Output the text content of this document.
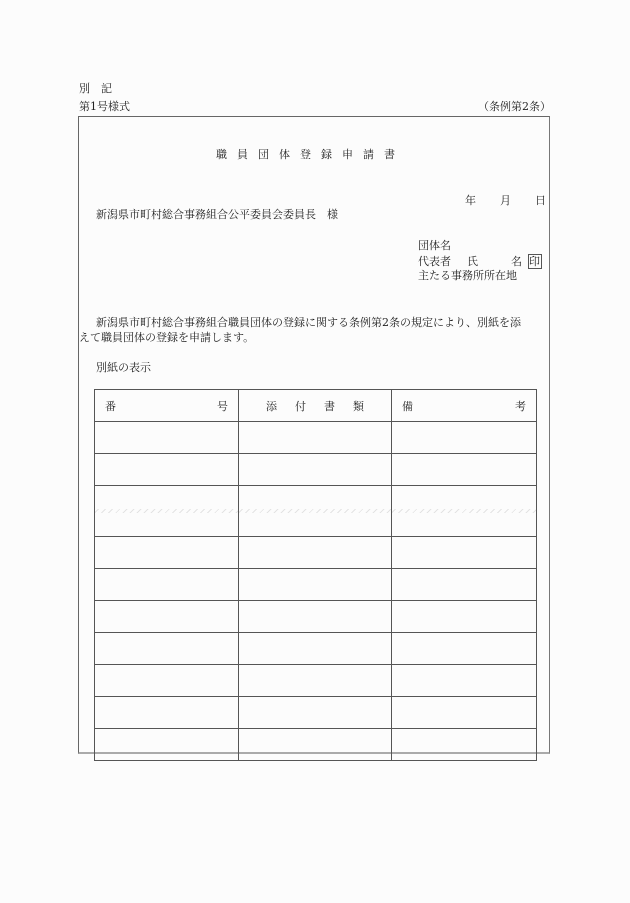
別　記
第1号様式	（条例第2条）
職員団体登録申請書
年 月 日
新潟県市町村総合事務組合公平委員会委員長　様
団体名
代表者 氏	名 印
主たる事務所所在地
新潟県市町村総合事務組合職員団体の登録に関する条例第2条の規定により、別紙を添
えて職員団体の登録を申請します。
別紙の表示
番 号	添 付 書 類	備 考
